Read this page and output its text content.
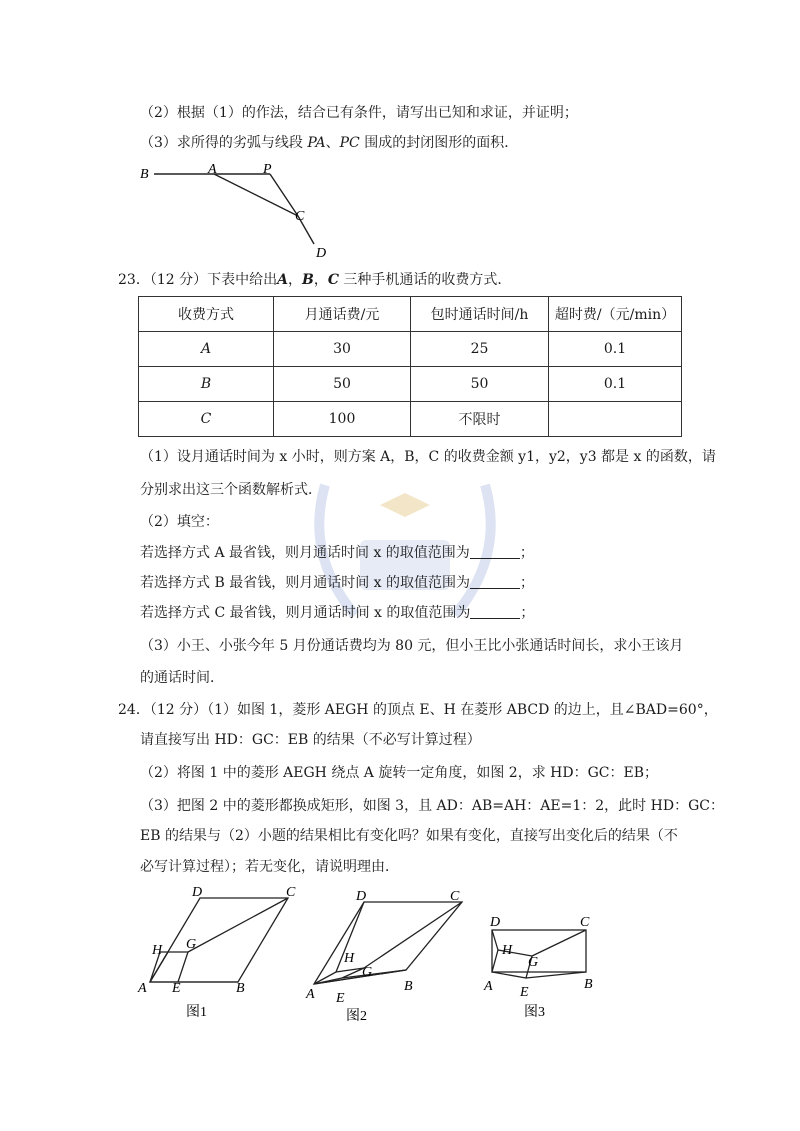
（2）根据（1）的作法，结合已有条件，请写出已知和求证，并证明；
（3）求所得的劣弧与线段 PA、PC 围成的封闭图形的面积．
B	A	P
C
D
23．（12 分）下表中给出A，B，C 三种手机通话的收费方式．
收费方式	月通话费/元	包时通话时间/h	超时费/（元/min）
A	30	25	0.1
B	50	50	0.1
C	100	不限时	
（1）设月通话时间为 x 小时，则方案 A，B，C 的收费金额 y1，y2，y3 都是 x 的函数，请
分别求出这三个函数解析式．
（2）填空：
若选择方式 A 最省钱，则月通话时间 x 的取值范围为	；
若选择方式 B 最省钱，则月通话时间 x 的取值范围为	；
若选择方式 C 最省钱，则月通话时间 x 的取值范围为	；
（3）小王、小张今年 5 月份通话费均为 80 元，但小王比小张通话时间长，求小王该月
的通话时间．
24．（12 分）（1）如图 1，菱形 AEGH 的顶点 E、H 在菱形 ABCD 的边上，且∠BAD=60°，
请直接写出 HD：GC：EB 的结果（不必写计算过程）
（2）将图 1 中的菱形 AEGH 绕点 A 旋转一定角度，如图 2，求 HD：GC：EB；
（3）把图 2 中的菱形都换成矩形，如图 3，且 AD：AB=AH：AE=1：2，此时 HD：GC：
EB 的结果与（2）小题的结果相比有变化吗？如果有变化，直接写出变化后的结果（不
必写计算过程）；若无变化，请说明理由．
D	C
H G
A E	B
图1
D	C
H
G
A E
B
图2
D	C
H
G
A E
B
图3
